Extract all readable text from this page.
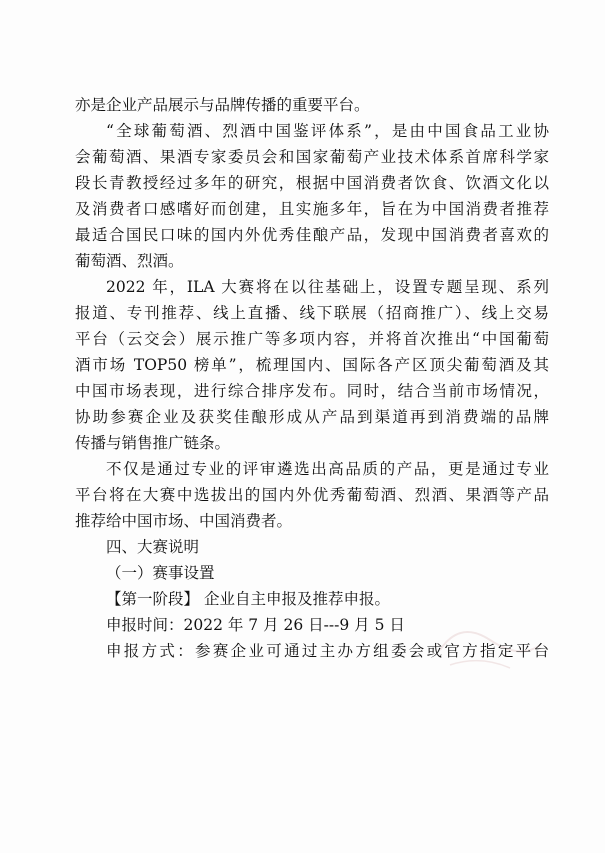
亦是企业产品展示与品牌传播的重要平台。
“全球葡萄酒、烈酒中国鉴评体系”，是由中国食品工业协
会葡萄酒、果酒专家委员会和国家葡萄产业技术体系首席科学家
段长青教授经过多年的研究，根据中国消费者饮食、饮酒文化以
及消费者口感嗜好而创建，且实施多年，旨在为中国消费者推荐
最适合国民口味的国内外优秀佳酿产品，发现中国消费者喜欢的
葡萄酒、烈酒。
2022 年，ILA 大赛将在以往基础上，设置专题呈现、系列
报道、专刊推荐、线上直播、线下联展（招商推广）、线上交易
平台（云交会）展示推广等多项内容，并将首次推出“中国葡萄
酒市场 TOP50 榜单”，梳理国内、国际各产区顶尖葡萄酒及其
中国市场表现，进行综合排序发布。同时，结合当前市场情况，
协助参赛企业及获奖佳酿形成从产品到渠道再到消费端的品牌
传播与销售推广链条。
不仅是通过专业的评审遴选出高品质的产品，更是通过专业
平台将在大赛中选拔出的国内外优秀葡萄酒、烈酒、果酒等产品
推荐给中国市场、中国消费者。
四、大赛说明
（一）赛事设置
【第一阶段】 企业自主申报及推荐申报。
申报时间：2022 年 7 月 26 日---9 月 5 日
申报方式：参赛企业可通过主办方组委会或官方指定平台
